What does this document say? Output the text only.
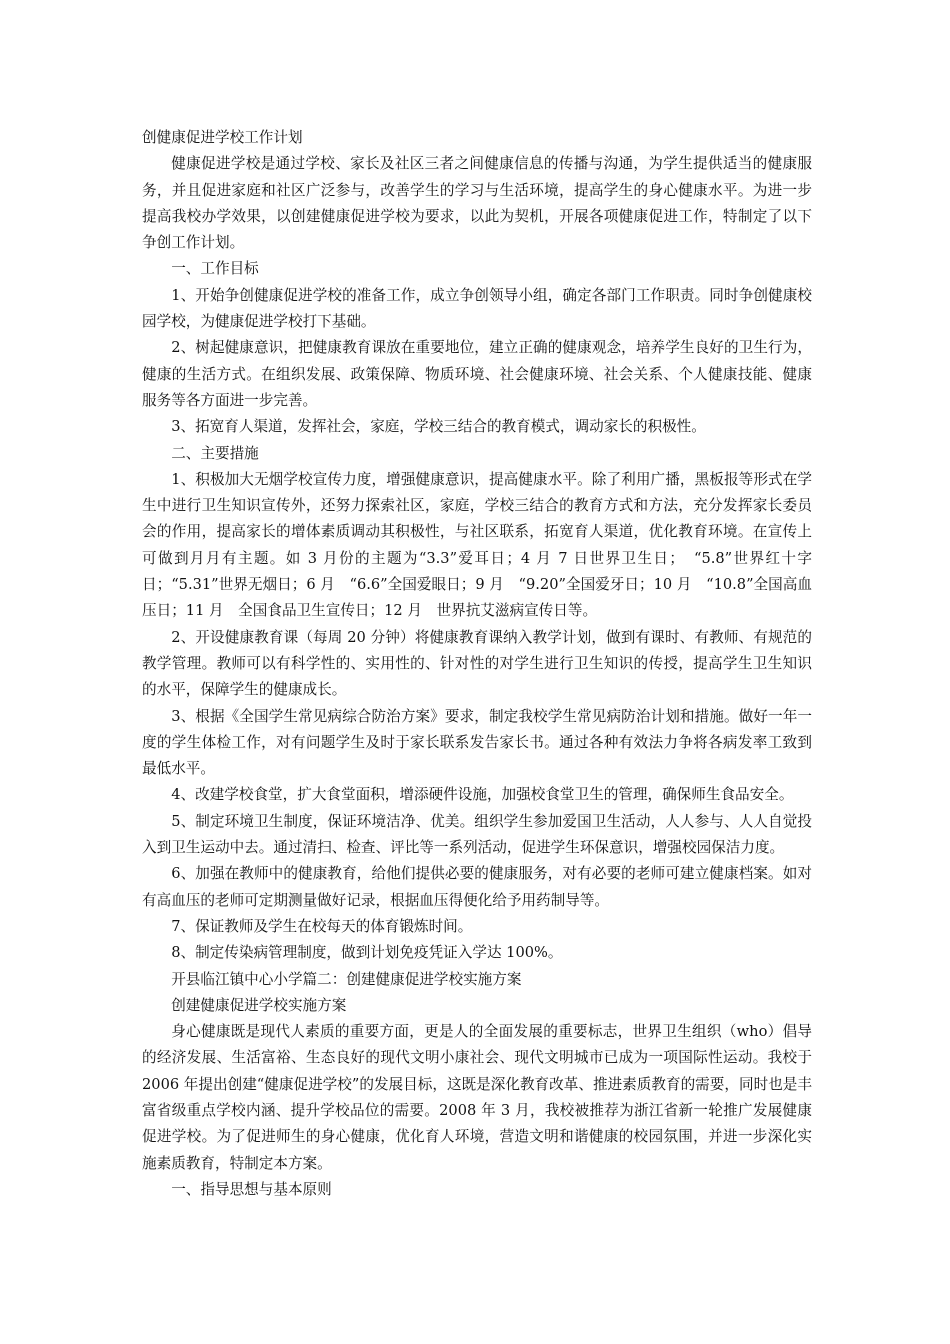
创健康促进学校工作计划

健康促进学校是通过学校、家长及社区三者之间健康信息的传播与沟通，为学生提供适当的健康服务，并且促进家庭和社区广泛参与，改善学生的学习与生活环境，提高学生的身心健康水平。为进一步提高我校办学效果，以创建健康促进学校为要求，以此为契机，开展各项健康促进工作，特制定了以下争创工作计划。

一、工作目标

1、开始争创健康促进学校的准备工作，成立争创领导小组，确定各部门工作职责。同时争创健康校园学校，为健康促进学校打下基础。

2、树起健康意识，把健康教育课放在重要地位，建立正确的健康观念，培养学生良好的卫生行为，健康的生活方式。在组织发展、政策保障、物质环境、社会健康环境、社会关系、个人健康技能、健康服务等各方面进一步完善。

3、拓宽育人渠道，发挥社会，家庭，学校三结合的教育模式，调动家长的积极性。

二、主要措施

1、积极加大无烟学校宣传力度，增强健康意识，提高健康水平。除了利用广播，黑板报等形式在学生中进行卫生知识宣传外，还努力探索社区，家庭，学校三结合的教育方式和方法，充分发挥家长委员会的作用，提高家长的增体素质调动其积极性，与社区联系，拓宽育人渠道，优化教育环境。在宣传上可做到月月有主题。如 3 月份的主题为“3.3”爱耳日；4 月 7 日世界卫生日；　“5.8”世界红十字日；“5.31”世界无烟日；6 月　“6.6”全国爱眼日；9 月　“9.20”全国爱牙日；10 月　“10.8”全国高血压日；11 月　全国食品卫生宣传日；12 月　世界抗艾滋病宣传日等。

2、开设健康教育课（每周 20 分钟）将健康教育课纳入教学计划，做到有课时、有教师、有规范的教学管理。教师可以有科学性的、实用性的、针对性的对学生进行卫生知识的传授，提高学生卫生知识的水平，保障学生的健康成长。

3、根据《全国学生常见病综合防治方案》要求，制定我校学生常见病防治计划和措施。做好一年一度的学生体检工作，对有问题学生及时于家长联系发告家长书。通过各种有效法力争将各病发率工致到最低水平。

4、改建学校食堂，扩大食堂面积，增添硬件设施，加强校食堂卫生的管理，确保师生食品安全。

5、制定环境卫生制度，保证环境洁净、优美。组织学生参加爱国卫生活动，人人参与、人人自觉投入到卫生运动中去。通过清扫、检查、评比等一系列活动，促进学生环保意识，增强校园保洁力度。

6、加强在教师中的健康教育，给他们提供必要的健康服务，对有必要的老师可建立健康档案。如对有高血压的老师可定期测量做好记录，根据血压得便化给予用药制导等。

7、保证教师及学生在校每天的体育锻炼时间。

8、制定传染病管理制度，做到计划免疫凭证入学达 100%。

开县临江镇中心小学篇二：创建健康促进学校实施方案

创建健康促进学校实施方案

身心健康既是现代人素质的重要方面，更是人的全面发展的重要标志，世界卫生组织（who）倡导的经济发展、生活富裕、生态良好的现代文明小康社会、现代文明城市已成为一项国际性运动。我校于 2006 年提出创建“健康促进学校”的发展目标，这既是深化教育改革、推进素质教育的需要，同时也是丰富省级重点学校内涵、提升学校品位的需要。2008 年 3 月，我校被推荐为浙江省新一轮推广发展健康促进学校。为了促进师生的身心健康，优化育人环境，营造文明和谐健康的校园氛围，并进一步深化实施素质教育，特制定本方案。

一、指导思想与基本原则
